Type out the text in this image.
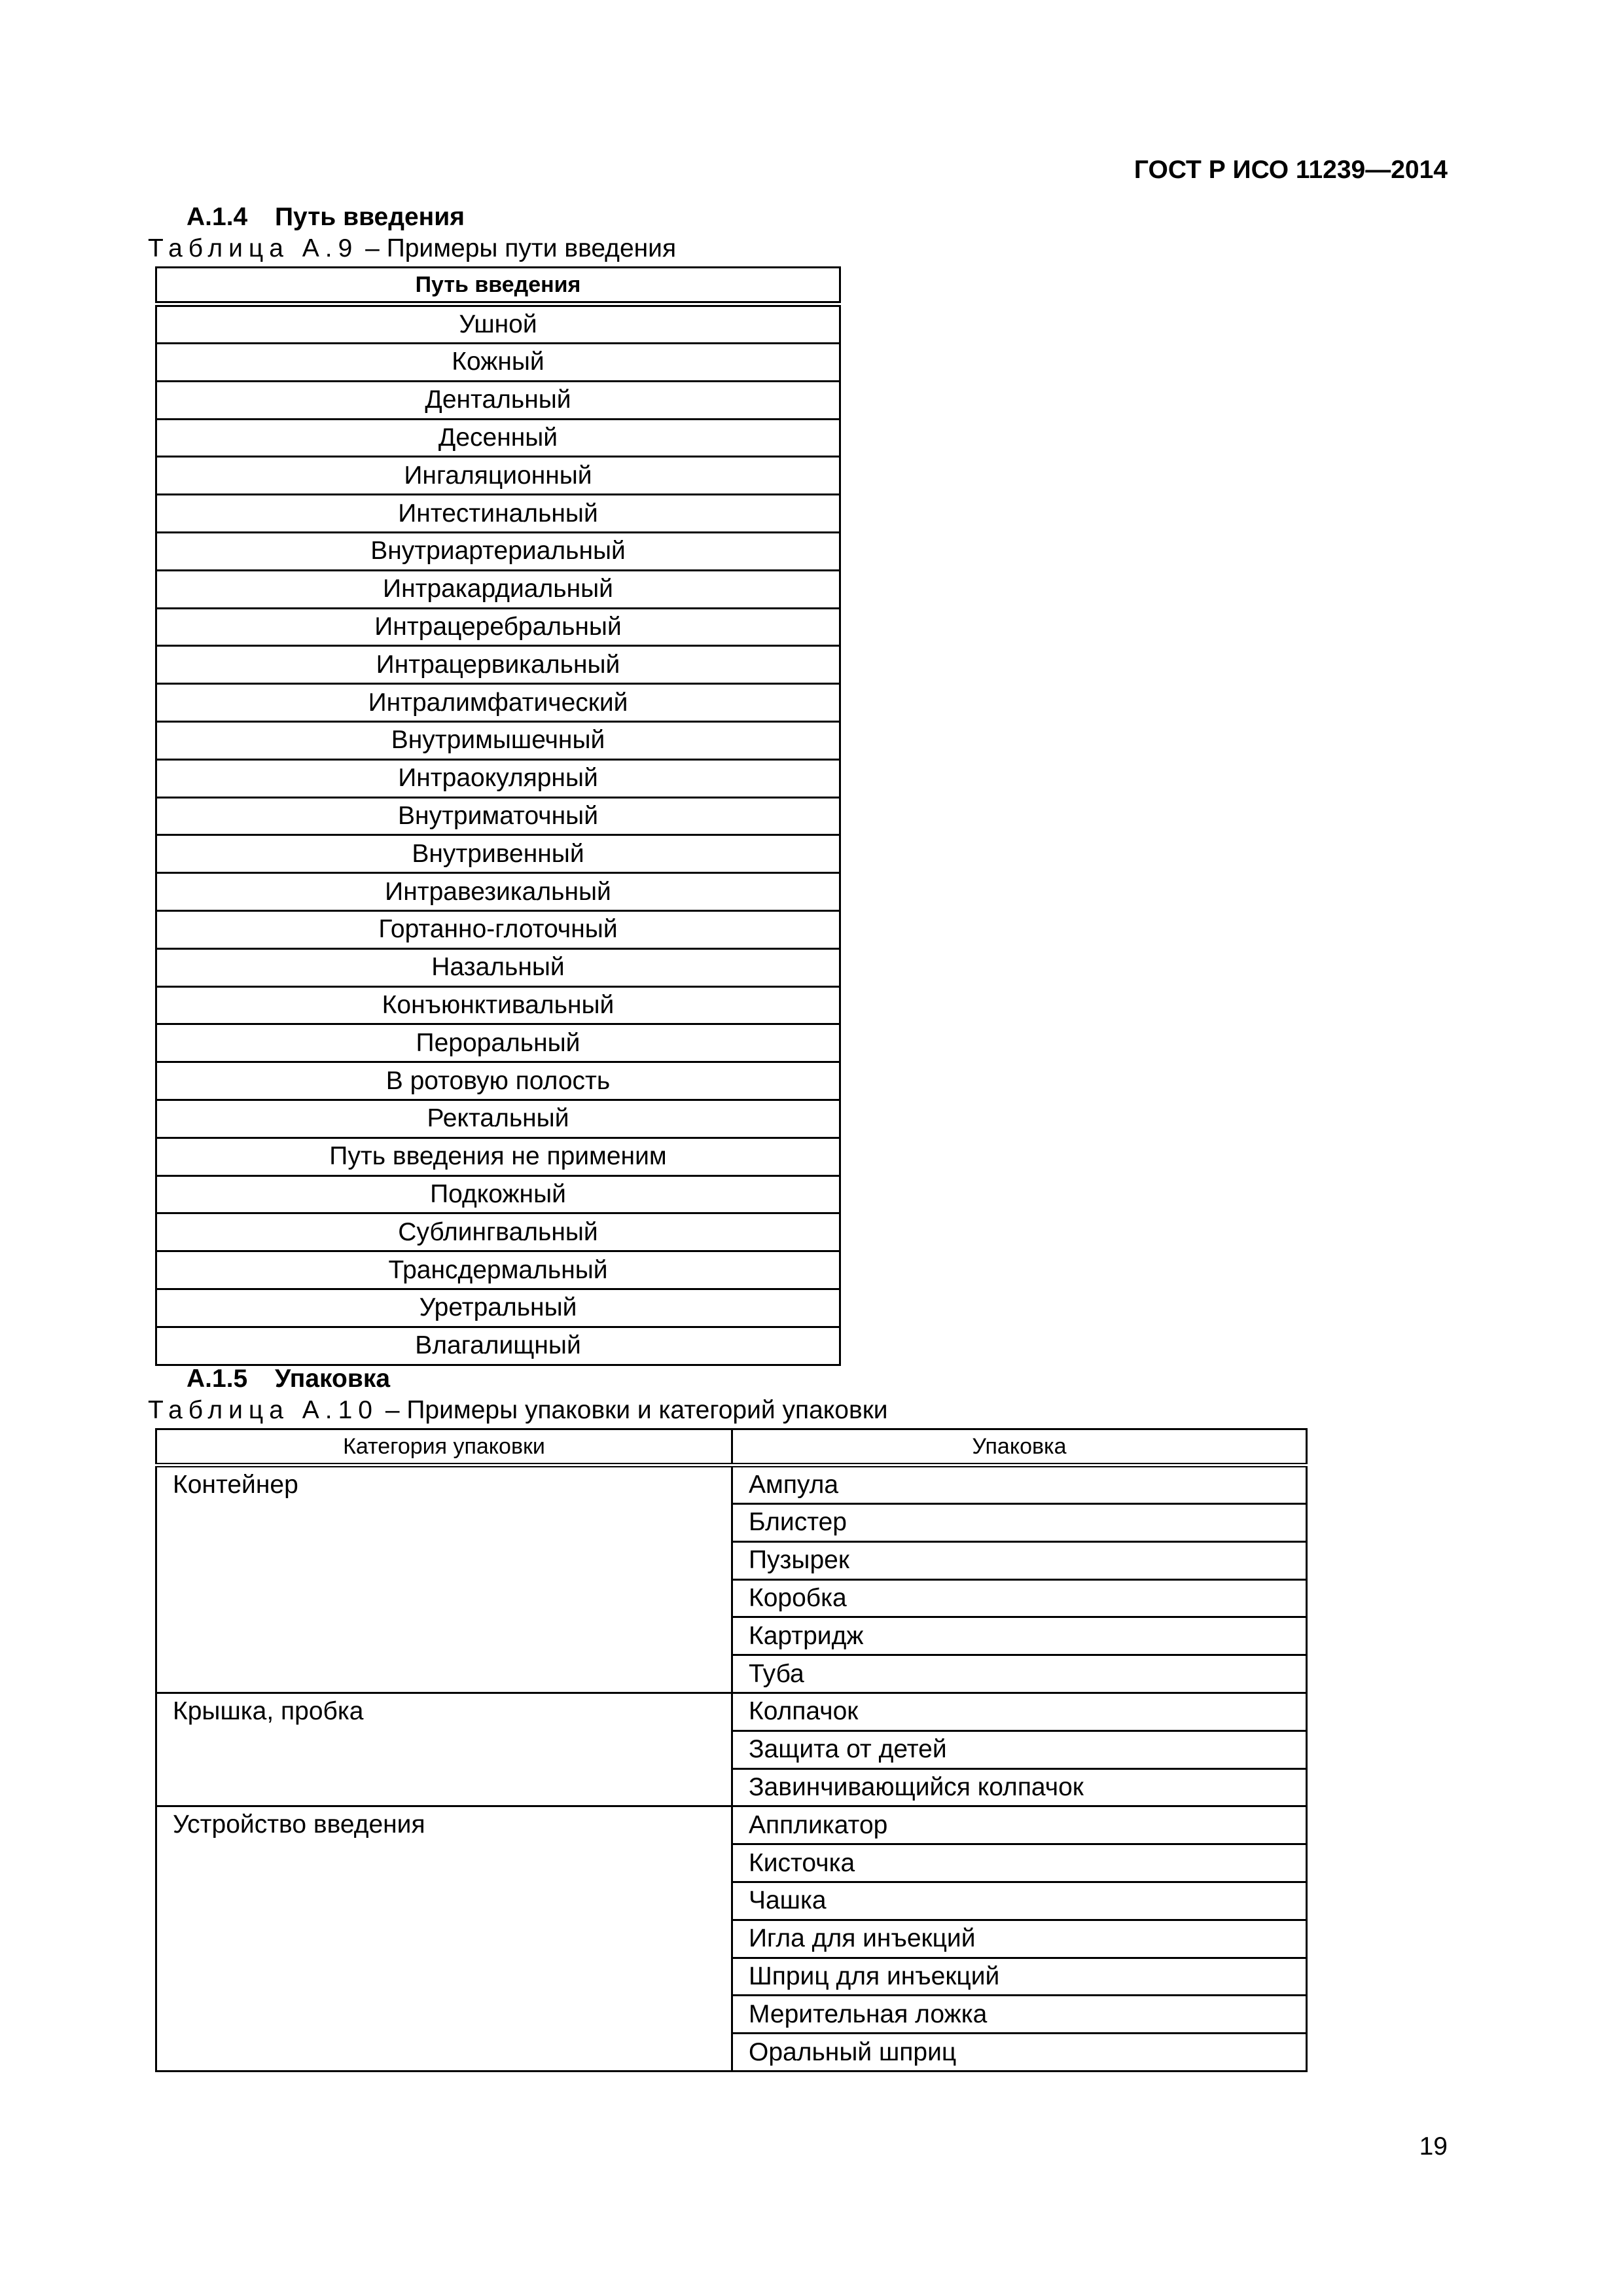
ГОСТ Р ИСО 11239—2014
A.1.4 Путь введения
Таблица А.9 – Примеры пути введения
Путь введения
Ушной
Кожный
Дентальный
Десенный
Ингаляционный
Интестинальный
Внутриартериальный
Интракардиальный
Интрацеребральный
Интрацервикальный
Интралимфатический
Внутримышечный
Интраокулярный
Внутриматочный
Внутривенный
Интравезикальный
Гортанно-глоточный
Назальный
Конъюнктивальный
Пероральный
В ротовую полость
Ректальный
Путь введения не применим
Подкожный
Сублингвальный
Трансдермальный
Уретральный
Влагалищный
A.1.5 Упаковка
Таблица А.10 – Примеры упаковки и категорий упаковки
Категория упаковки	Упаковка
Контейнер	Ампула
	Блистер
	Пузырек
	Коробка
	Картридж
	Туба
Крышка, пробка	Колпачок
	Защита от детей
	Завинчивающийся колпачок
Устройство введения	Аппликатор
	Кисточка
	Чашка
	Игла для инъекций
	Шприц для инъекций
	Мерительная ложка
	Оральный шприц
19
